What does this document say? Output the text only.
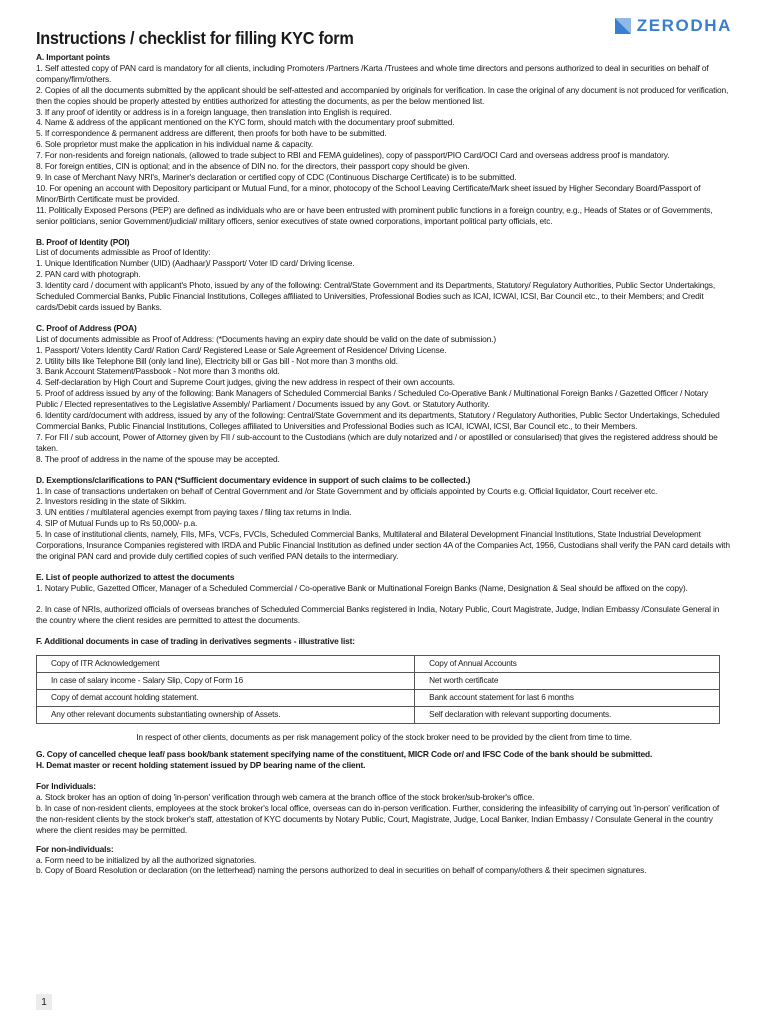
ZERODHA
Instructions / checklist for filling KYC form

A. Important points

1. Self attested copy of PAN card is mandatory for all clients, including Promoters /Partners /Karta /Trustees and whole time directors and persons authorized to deal in securities on behalf of company/firm/others.

2. Copies of all the documents submitted by the applicant should be self-attested and accompanied by originals for verification. In case the original of any document is not produced for verification, then the copies should be properly attested by entities authorized for attesting the documents, as per the below mentioned list.

3. If any proof of identity or address is in a foreign language, then translation into English is required.

4. Name & address of the applicant mentioned on the KYC form, should match with the documentary proof submitted.

5. If correspondence & permanent address are different, then proofs for both have to be submitted.

6. Sole proprietor must make the application in his individual name & capacity.

7. For non-residents and foreign nationals, (allowed to trade subject to RBI and FEMA guidelines), copy of passport/PIO Card/OCI Card and overseas address proof is mandatory.

8. For foreign entities, CIN is optional; and in the absence of DIN no. for the directors, their passport copy should be given.

9. In case of Merchant Navy NRI's, Mariner's declaration or certified copy of CDC (Continuous Discharge Certificate) is to be submitted.

10. For opening an account with Depository participant or Mutual Fund, for a minor, photocopy of the School Leaving Certificate/Mark sheet issued by Higher Secondary Board/Passport of Minor/Birth Certificate must be provided.

11. Politically Exposed Persons (PEP) are defined as individuals who are or have been entrusted with prominent public functions in a foreign country, e.g., Heads of States or of Governments, senior politicians, senior Government/judicial/ military officers, senior executives of state owned corporations, important political party officials, etc.

B. Proof of Identity (POI)

List of documents admissible as Proof of Identity:

1. Unique Identification Number (UID) (Aadhaar)/ Passport/ Voter ID card/ Driving license.

2. PAN card with photograph.

3. Identity card / document with applicant's Photo, issued by any of the following: Central/State Government and its Departments, Statutory/ Regulatory Authorities, Public Sector Undertakings, Scheduled Commercial Banks, Public Financial Institutions, Colleges affiliated to Universities, Professional Bodies such as ICAI, ICWAI, ICSI, Bar Council etc., to their Members; and Credit cards/Debit cards issued by Banks.

C. Proof of Address (POA)

List of documents admissible as Proof of Address: (*Documents having an expiry date should be valid on the date of submission.)

1. Passport/ Voters Identity Card/ Ration Card/ Registered Lease or Sale Agreement of Residence/ Driving License.

2. Utility bills like Telephone Bill (only land line), Electricity bill or Gas bill - Not more than 3 months old.

3. Bank Account Statement/Passbook - Not more than 3 months old.

4. Self-declaration by High Court and Supreme Court judges, giving the new address in respect of their own accounts.

5. Proof of address issued by any of the following: Bank Managers of Scheduled Commercial Banks / Scheduled Co-Operative Bank / Multinational Foreign Banks / Gazetted Officer / Notary Public / Elected representatives to the Legislative Assembly/ Parliament / Documents issued by any Govt. or Statutory Authority.

6. Identity card/document with address, issued by any of the following: Central/State Government and its departments, Statutory / Regulatory Authorities, Public Sector Undertakings, Scheduled Commercial Banks, Public Financial Institutions, Colleges affiliated to Universities and Professional Bodies such as ICAI, ICWAI, ICSI, Bar Council etc., to their Members.

7. For FII / sub account, Power of Attorney given by FII / sub-account to the Custodians (which are duly notarized and / or apostilled or consularised) that gives the registered address should be taken.

8. The proof of address in the name of the spouse may be accepted.

D. Exemptions/clarifications to PAN (*Sufficient documentary evidence in support of such claims to be collected.)

1. In case of transactions undertaken on behalf of Central Government and /or State Government and by officials appointed by Courts e.g. Official liquidator, Court receiver etc.

2. Investors residing in the state of Sikkim.

3. UN entities / multilateral agencies exempt from paying taxes / filing tax returns in India.

4. SIP of Mutual Funds up to Rs 50,000/- p.a.

5. In case of institutional clients, namely, FIIs, MFs, VCFs, FVCIs, Scheduled Commercial Banks, Multilateral and Bilateral Development Financial Institutions, State Industrial Development Corporations, Insurance Companies registered with IRDA and Public Financial Institution as defined under section 4A of the Companies Act, 1956, Custodians shall verify the PAN card details with the original PAN card and provide duly certified copies of such verified PAN details to the intermediary.

E. List of people authorized to attest the documents

1. Notary Public, Gazetted Officer, Manager of a Scheduled Commercial / Co-operative Bank or Multinational Foreign Banks (Name, Designation & Seal should be affixed on the copy).

2. In case of NRIs, authorized officials of overseas branches of Scheduled Commercial Banks registered in India, Notary Public, Court Magistrate, Judge, Indian Embassy /Consulate General in the country where the client resides are permitted to attest the documents.

F. Additional documents in case of trading in derivatives segments - illustrative list:

Copy of ITR Acknowledgement	Copy of Annual Accounts
In case of salary income - Salary Slip, Copy of Form 16	Net worth certificate
Copy of demat account holding statement.	Bank account statement for last 6 months
Any other relevant documents substantiating ownership of Assets.	Self declaration with relevant supporting documents.

In respect of other clients, documents as per risk management policy of the stock broker need to be provided by the client from time to time.

G. Copy of cancelled cheque leaf/ pass book/bank statement specifying name of the constituent, MICR Code or/ and IFSC Code of the bank should be submitted.

H. Demat master or recent holding statement issued by DP bearing name of the client.

For Individuals:

a. Stock broker has an option of doing 'in-person' verification through web camera at the branch office of the stock broker/sub-broker's office.

b. In case of non-resident clients, employees at the stock broker's local office, overseas can do in-person verification. Further, considering the infeasibility of carrying out 'in-person' verification of the non-resident clients by the stock broker's staff, attestation of KYC documents by Notary Public, Court, Magistrate, Judge, Local Banker, Indian Embassy / Consulate General in the country where the client resides may be permitted.

For non-individuals:

a. Form need to be initialized by all the authorized signatories.

b. Copy of Board Resolution or declaration (on the letterhead) naming the persons authorized to deal in securities on behalf of company/others & their specimen signatures.

1
